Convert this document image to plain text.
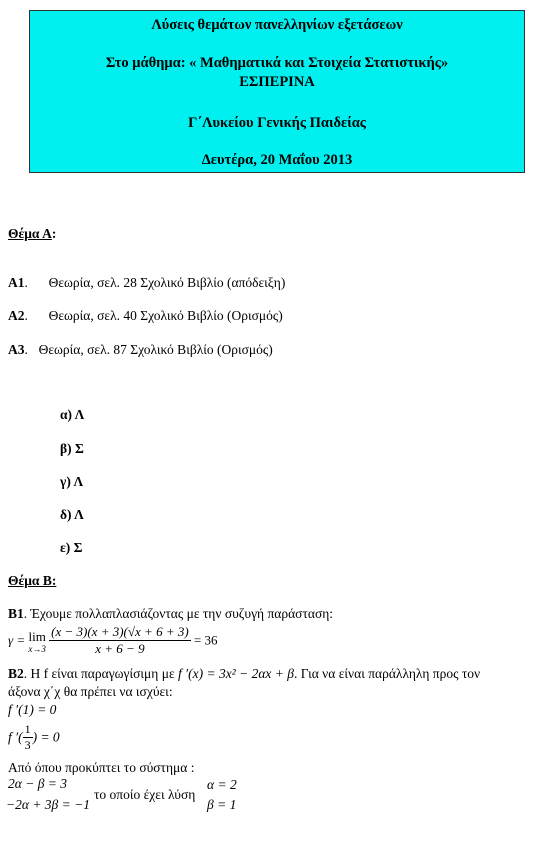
Λύσεις θεμάτων πανελληνίων εξετάσεων
Στο μάθημα: « Μαθηματικά και Στοιχεία Στατιστικής»
ΕΣΠΕΡΙΝΑ
Γ΄Λυκείου Γενικής Παιδείας
Δευτέρα, 20 Μαΐου 2013
Θέμα Α:
Α1.  Θεωρία, σελ. 28 Σχολικό Βιβλίο (απόδειξη)
Α2.  Θεωρία, σελ. 40 Σχολικό Βιβλίο (Ορισμός)
Α3.  Θεωρία, σελ. 87 Σχολικό Βιβλίο (Ορισμός)
α) Λ
β) Σ
γ) Λ
δ) Λ
ε) Σ
Θέμα Β:
Β1. Έχουμε πολλαπλασιάζοντας με την συζυγή παράσταση:
γ = lim
x→3
$\frac{(x - 3)(x + 3)(√x + 6 + 3)}{x + 6 - 9} = 36$
Β2. Η f είναι παραγωγίσιμη με f ′(x) = 3x² − 2αx + β. Για να είναι παράλληλη προς τον
άξονα χ΄χ θα πρέπει να ισχύει:
f ′(1) = 0
f ′( $\frac{1}{3}$ ) = 0
Από όπου προκύπτει το σύστημα :
2α − β = 3
−2α + 3β = −1
το οποίο έχει λύση
α = 2
β = 1
